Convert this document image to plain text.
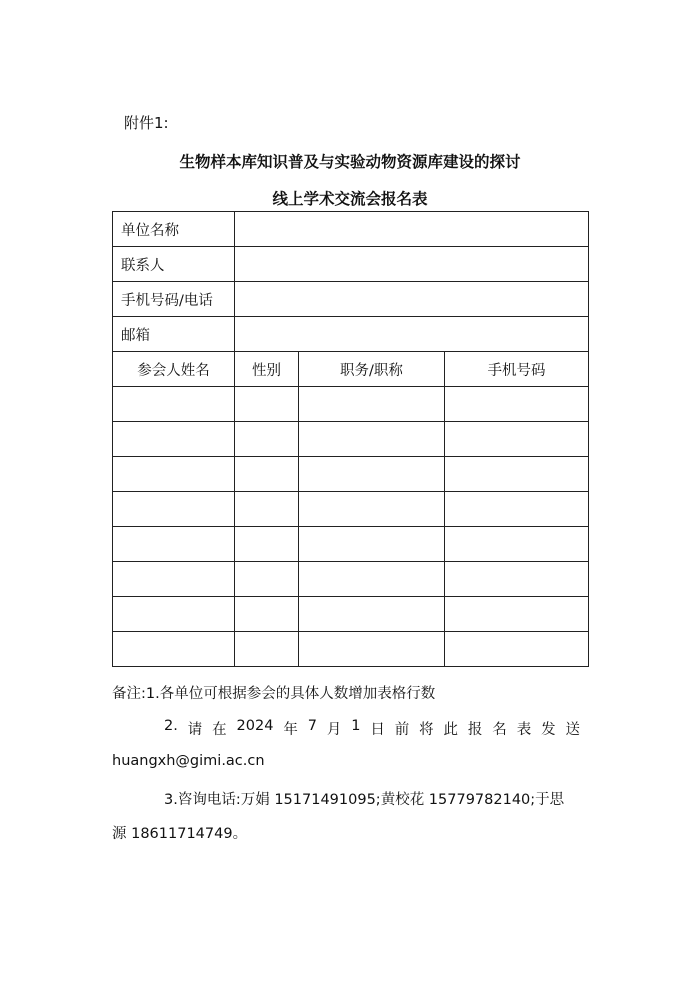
附件1:
生物样本库知识普及与实验动物资源库建设的探讨
线上学术交流会报名表
单位名称			
联系人			
手机号码/电话			
邮箱			
参会人姓名	性别	职务/职称	手机号码

备注:1.各单位可根据参会的具体人数增加表格行数
2. 请 在 2024 年 7 月 1 日 前 将 此 报 名 表 发 送
huangxh@gimi.ac.cn
3.咨询电话:万娟 15171491095;黄校花 15779782140;于思
源 18611714749。
